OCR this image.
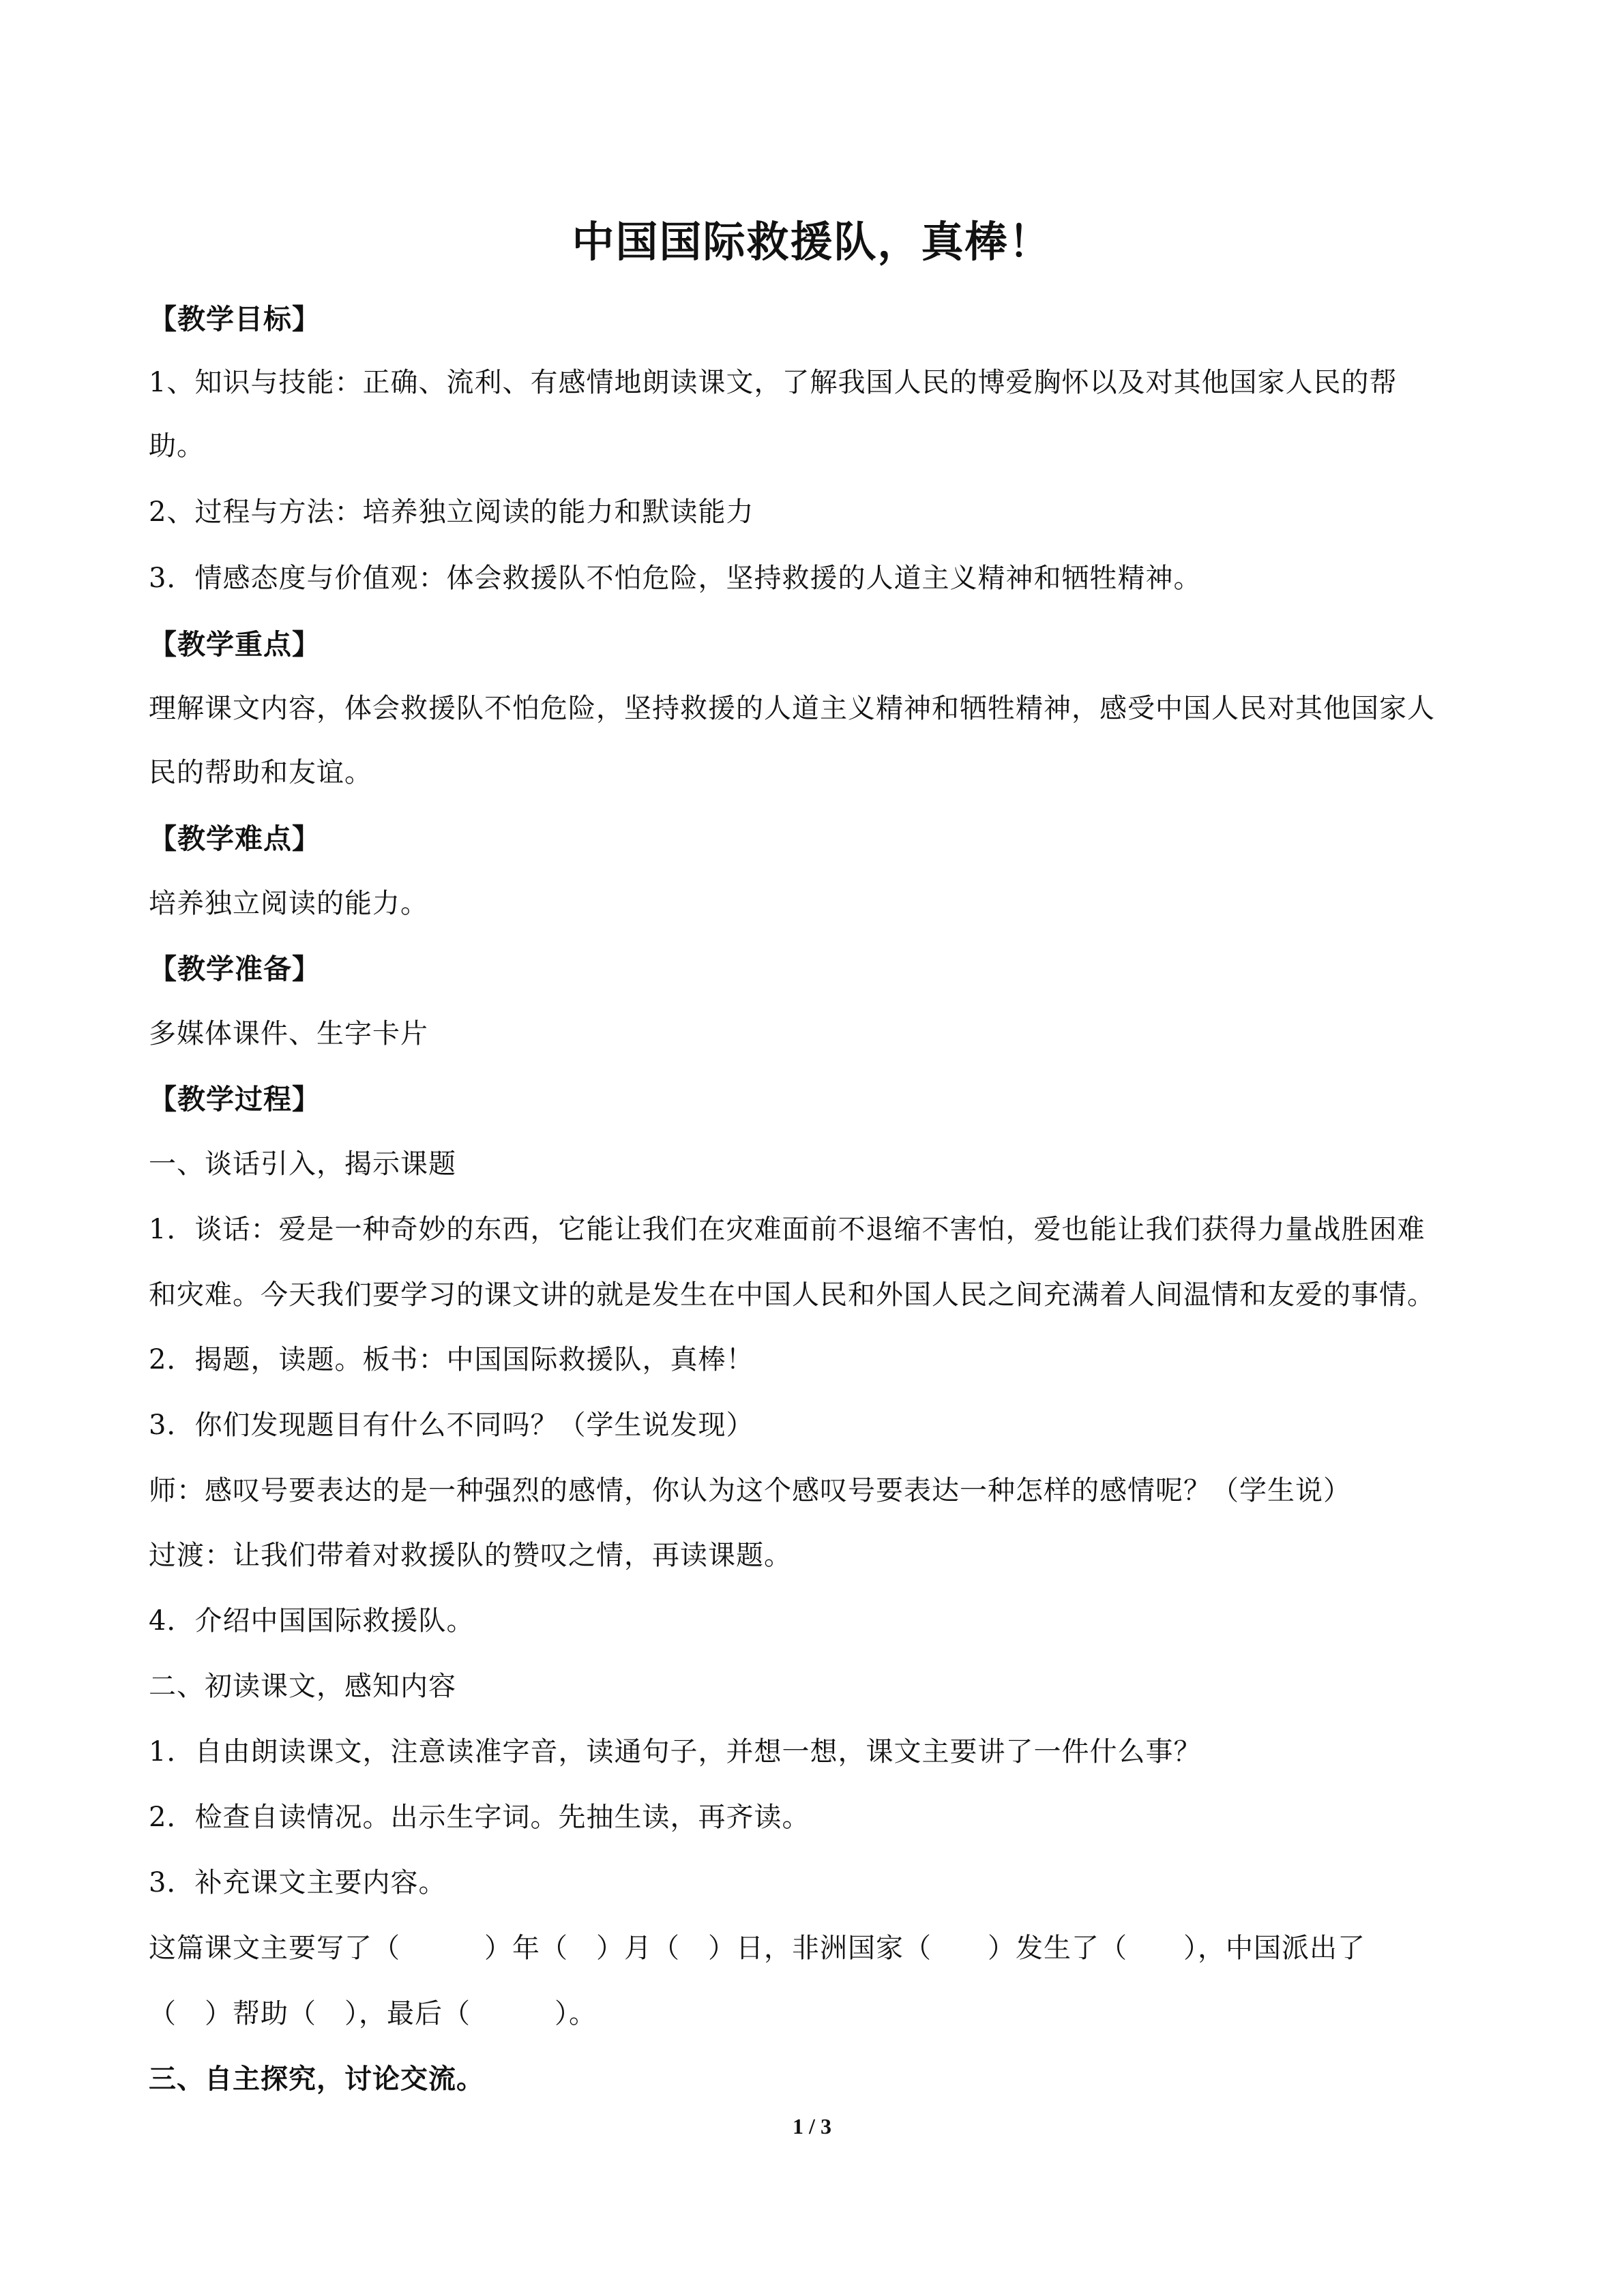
中国国际救援队，真棒！
【教学目标】
1、知识与技能：正确、流利、有感情地朗读课文，了解我国人民的博爱胸怀以及对其他国家人民的帮
助。
2、过程与方法：培养独立阅读的能力和默读能力
3．情感态度与价值观：体会救援队不怕危险，坚持救援的人道主义精神和牺牲精神。
【教学重点】
理解课文内容，体会救援队不怕危险，坚持救援的人道主义精神和牺牲精神，感受中国人民对其他国家人
民的帮助和友谊。
【教学难点】
培养独立阅读的能力。
【教学准备】
多媒体课件、生字卡片
【教学过程】
一、谈话引入，揭示课题
1．谈话：爱是一种奇妙的东西，它能让我们在灾难面前不退缩不害怕，爱也能让我们获得力量战胜困难
和灾难。今天我们要学习的课文讲的就是发生在中国人民和外国人民之间充满着人间温情和友爱的事情。
2．揭题，读题。板书：中国国际救援队，真棒！
3．你们发现题目有什么不同吗？（学生说发现）
师：感叹号要表达的是一种强烈的感情，你认为这个感叹号要表达一种怎样的感情呢？（学生说）
过渡：让我们带着对救援队的赞叹之情，再读课题。
4．介绍中国国际救援队。
二、初读课文，感知内容
1．自由朗读课文，注意读准字音，读通句子，并想一想，课文主要讲了一件什么事？
2．检查自读情况。出示生字词。先抽生读，再齐读。
3．补充课文主要内容。
这篇课文主要写了（　　　）年（　）月（　）日，非洲国家（　　）发生了（　　），中国派出了
（　）帮助（　），最后（　　　）。
三、自主探究，讨论交流。
1 / 3
